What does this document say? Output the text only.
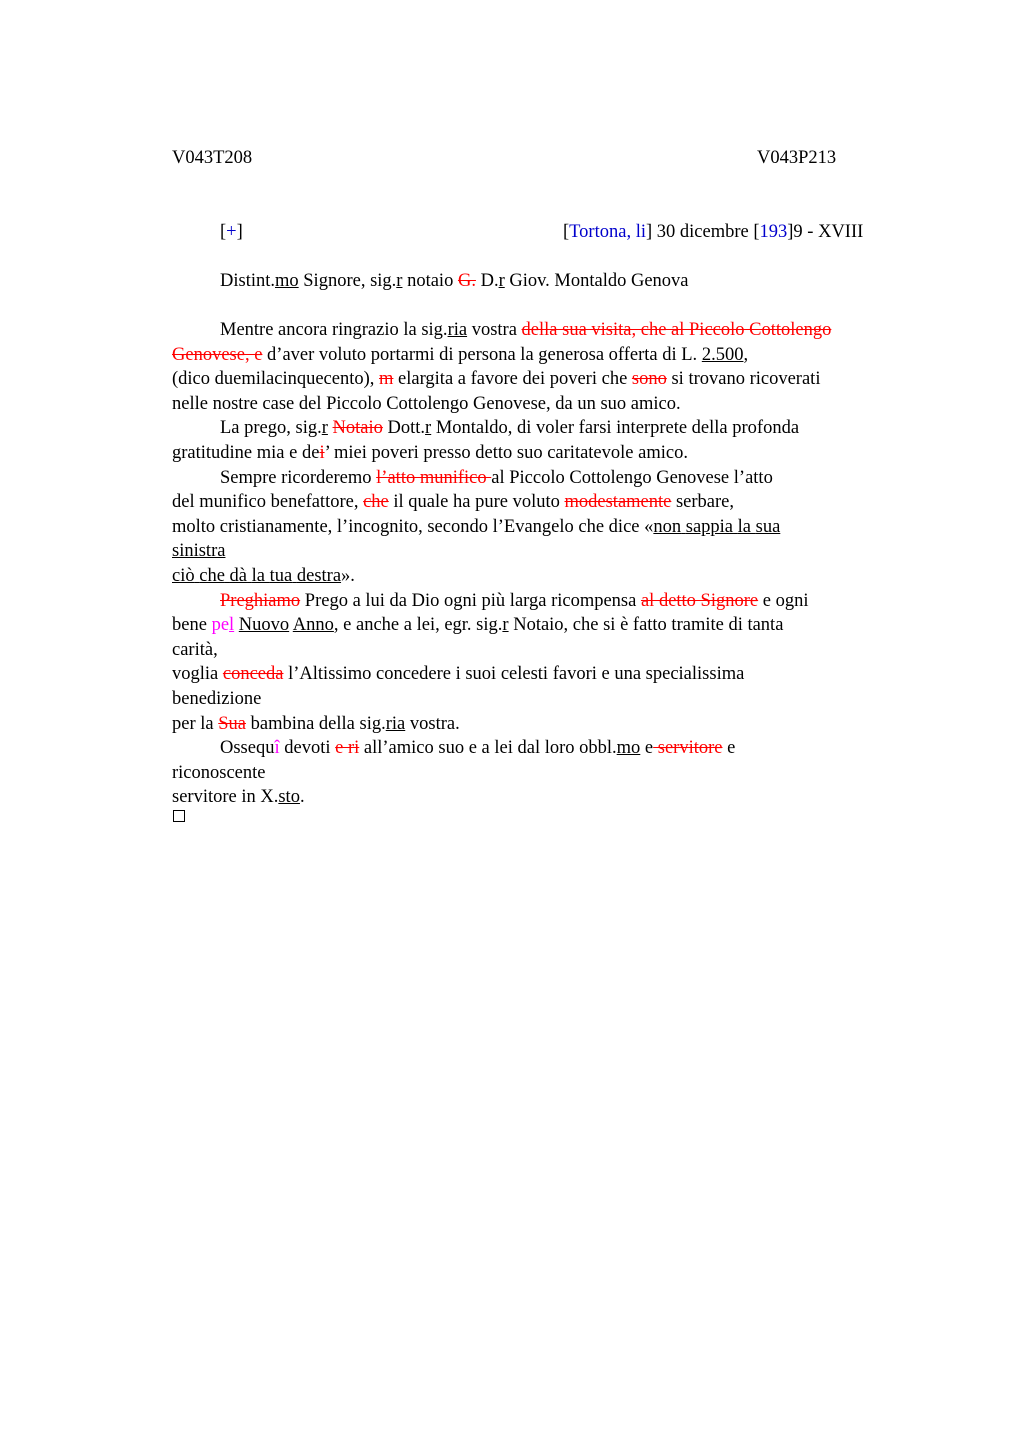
V043T208	V043P213
[+]	[Tortona, li] 30 dicembre [193]9 - XVIII
Distint.mo Signore, sig.r notaio G. D.r Giov. Montaldo Genova
Mentre ancora ringrazio la sig.ria vostra della sua visita, che al Piccolo Cottolengo
Genovese, e d’aver voluto portarmi di persona la generosa offerta di L. 2.500,
(dico duemilacinquecento), m elargita a favore dei poveri che sono si trovano ricoverati
nelle nostre case del Piccolo Cottolengo Genovese, da un suo amico.
La prego, sig.r Notaio Dott.r Montaldo, di voler farsi interprete della profonda
gratitudine mia e dei’ miei poveri presso detto suo caritatevole amico.
Sempre ricorderemo l’atto munifico al Piccolo Cottolengo Genovese l’atto
del munifico benefattore, che il quale ha pure voluto modestamente serbare,
molto cristianamente, l’incognito, secondo l’Evangelo che dice «non sappia la sua
sinistra
ciò che dà la tua destra».
Preghiamo Prego a lui da Dio ogni più larga ricompensa al detto Signore e ogni
bene pel Nuovo Anno, e anche a lei, egr. sig.r Notaio, che si è fatto tramite di tanta
carità,
voglia conceda l’Altissimo concedere i suoi celesti favori e una specialissima
benedizione
per la Sua bambina della sig.ria vostra.
Ossequî devoti e ri all’amico suo e a lei dal loro obbl.mo e servitore e
riconoscente
servitore in X.sto.
